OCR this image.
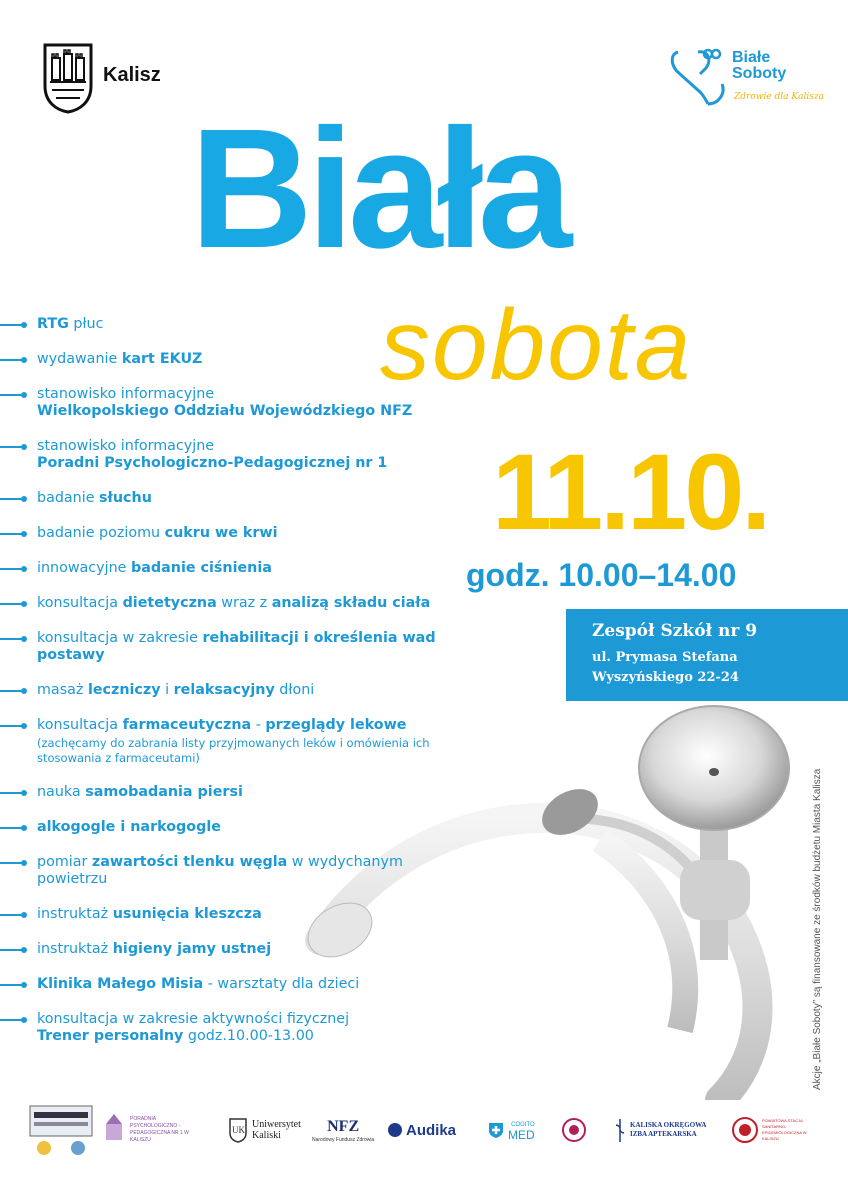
Kalisz
Białe
Soboty
Zdrowie dla Kalisza
Biała
sobota
11.10.
godz. 10.00–14.00
Zespół Szkół nr 9
ul. Prymasa Stefana
Wyszyńskiego 22-24
Akcje „Białe Soboty” są finansowane ze środków budżetu Miasta Kalisza
RTG płuc
wydawanie kart EKUZ
stanowisko informacyjne
Wielkopolskiego Oddziału Wojewódzkiego NFZ
stanowisko informacyjne
Poradni Psychologiczno-Pedagogicznej nr 1
badanie słuchu
badanie poziomu cukru we krwi
innowacyjne badanie ciśnienia
konsultacja dietetyczna wraz z analizą składu ciała
konsultacja w zakresie rehabilitacji i określenia wad postawy
masaż leczniczy i relaksacyjny dłoni
konsultacja farmaceutyczna - przeglądy lekowe
(zachęcamy do zabrania listy przyjmowanych leków i omówienia ich stosowania z farmaceutami)
nauka samobadania piersi
alkogogle i narkogogle
pomiar zawartości tlenku węgla w wydychanym powietrzu
instruktaż usunięcia kleszcza
instruktaż higieny jamy ustnej
Klinika Małego Misia - warsztaty dla dzieci
konsultacja w zakresie aktywności fizycznej
Trener personalny godz.10.00-13.00
PORADNIA PSYCHOLOGICZNO - PEDAGOGICZNA NR 1 W KALISZU
UK Uniwersytet
Kaliski
NFZ
Narodowy Fundusz Zdrowia
Audika	COGITO
MED
KALISKA OKRĘGOWA
IZBA APTEKARSKA
POWIATOWA STACJA SANITARNO-EPIDEMIOLOGICZNA W KALISZU
